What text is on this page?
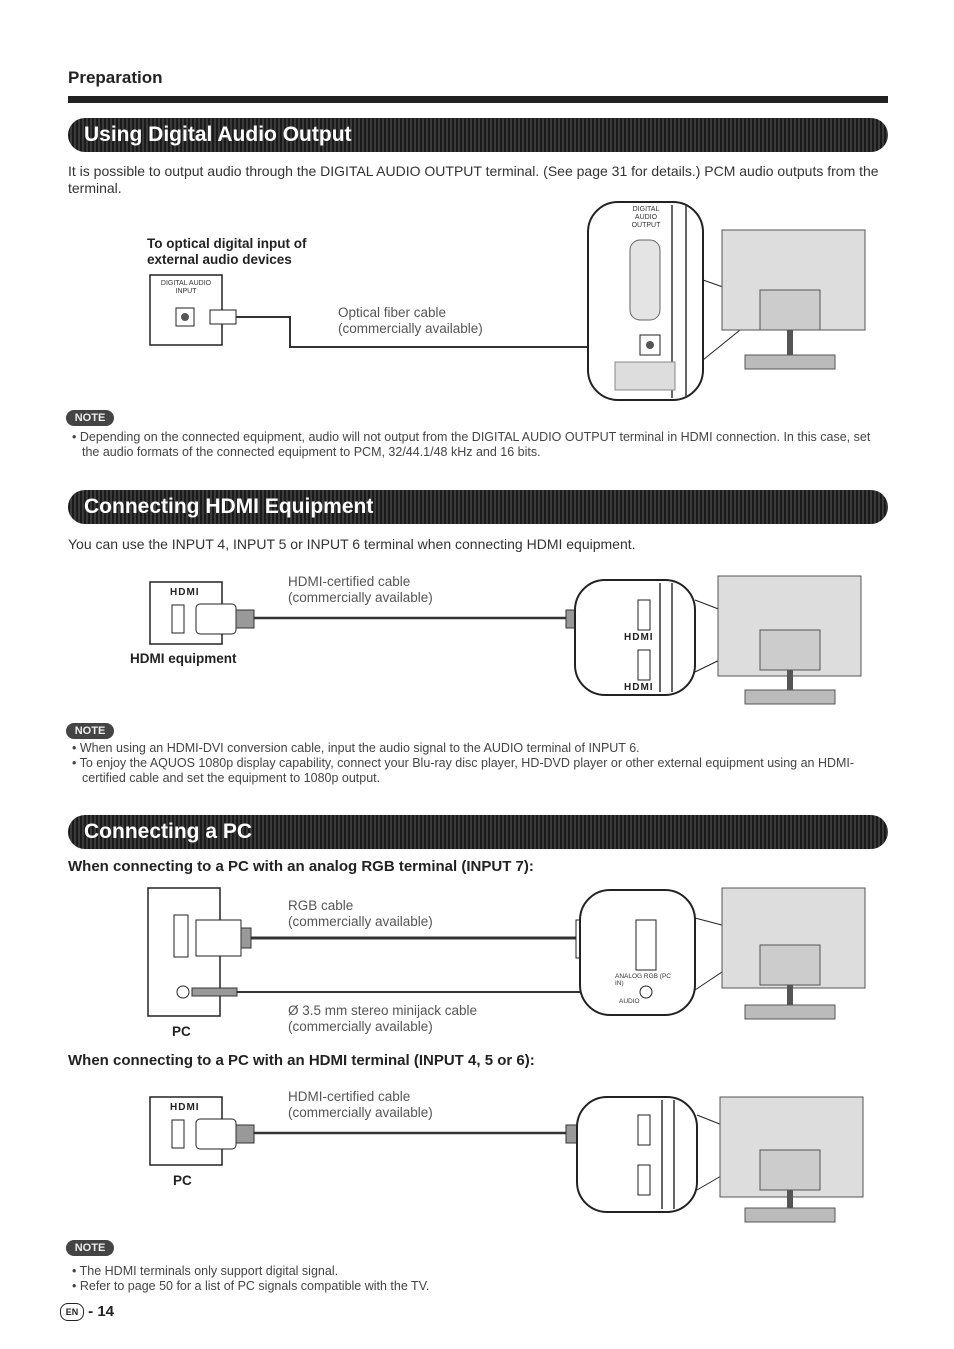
Preparation
Using Digital Audio Output
It is possible to output audio through the DIGITAL AUDIO OUTPUT terminal. (See page 31 for details.) PCM audio outputs from the terminal.
To optical digital input of external audio devices
Optical fiber cable
(commercially available)
DIGITAL AUDIO INPUT
DIGITAL AUDIO OUTPUT
NOTE
• Depending on the connected equipment, audio will not output from the DIGITAL AUDIO OUTPUT terminal in HDMI connection. In this case, set the audio formats of the connected equipment to PCM, 32/44.1/48 kHz and 16 bits.
Connecting HDMI Equipment
You can use the INPUT 4, INPUT 5 or INPUT 6 terminal when connecting HDMI equipment.
HDMI-certified cable
(commercially available)
HDMI equipment
HDMI
HDMI
HDMI
NOTE
• When using an HDMI-DVI conversion cable, input the audio signal to the AUDIO terminal of INPUT 6.
• To enjoy the AQUOS 1080p display capability, connect your Blu-ray disc player, HD-DVD player or other external equipment using an HDMI-certified cable and set the equipment to 1080p output.
Connecting a PC
When connecting to a PC with an analog RGB terminal (INPUT 7):
RGB cable
(commercially available)
Ø 3.5 mm stereo minijack cable
(commercially available)
PC
ANALOG RGB (PC IN)
AUDIO
When connecting to a PC with an HDMI terminal (INPUT 4, 5 or 6):
HDMI-certified cable
(commercially available)
PC
HDMI
NOTE
• The HDMI terminals only support digital signal.
• Refer to page 50 for a list of PC signals compatible with the TV.
EN - 14
